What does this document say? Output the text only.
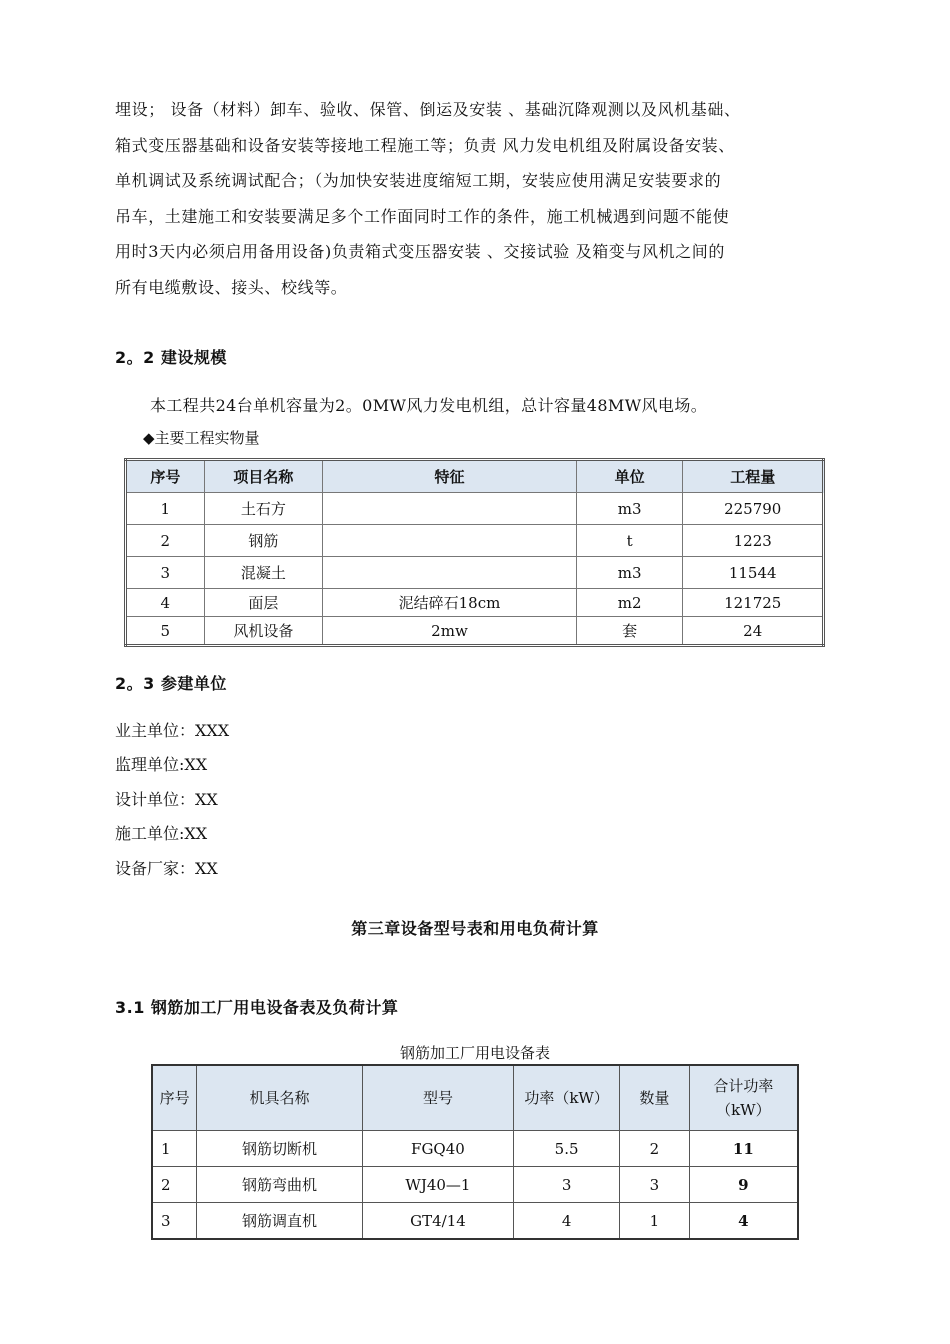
埋设； 设备（材料）卸车、验收、保管、倒运及安装 、基础沉降观测以及风机基础、
箱式变压器基础和设备安装等接地工程施工等；负责 风力发电机组及附属设备安装、
单机调试及系统调试配合；（为加快安装进度缩短工期，安装应使用满足安装要求的
吊车，土建施工和安装要满足多个工作面同时工作的条件，施工机械遇到问题不能使
用时3天内必须启用备用设备)负责箱式变压器安装 、交接试验 及箱变与风机之间的
所有电缆敷设、接头、校线等。
2。2 建设规模
本工程共24台单机容量为2。0MW风力发电机组，总计容量48MW风电场。
◆主要工程实物量
序号	项目名称	特征	单位	工程量
1	土石方		m3	225790
2	钢筋		t	1223
3	混凝土		m3	11544
4	面层	泥结碎石18cm	m2	121725
5	风机设备	2mw	套	24
2。3 参建单位
业主单位：XXX
监理单位:XX
设计单位：XX
施工单位:XX
设备厂家：XX
第三章设备型号表和用电负荷计算
3.1 钢筋加工厂用电设备表及负荷计算
钢筋加工厂用电设备表
序号	机具名称	型号	功率（kW）	数量	合计功率
（kW）

1	钢筋切断机	FGQ40	5.5	2	11
2	钢筋弯曲机	WJ40—1	3	3	9
3	钢筋调直机	GT4/14	4	1	4
